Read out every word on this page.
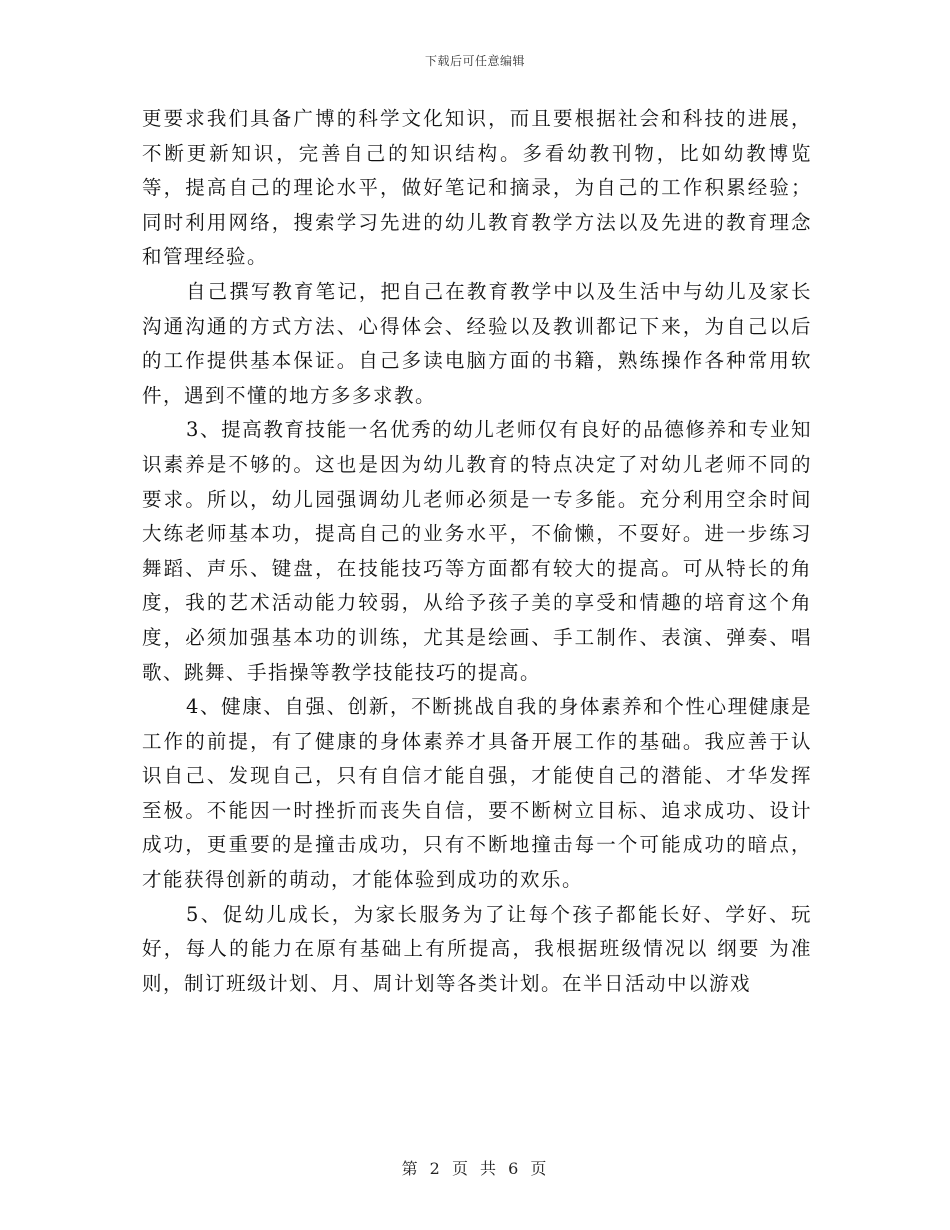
下载后可任意编辑

更要求我们具备广博的科学文化知识，而且要根据社会和科技的进展，不断更新知识，完善自己的知识结构。多看幼教刊物，比如幼教博览等，提高自己的理论水平，做好笔记和摘录，为自己的工作积累经验；同时利用网络，搜索学习先进的幼儿教育教学方法以及先进的教育理念和管理经验。

自己撰写教育笔记，把自己在教育教学中以及生活中与幼儿及家长沟通沟通的方式方法、心得体会、经验以及教训都记下来，为自己以后的工作提供基本保证。自己多读电脑方面的书籍，熟练操作各种常用软件，遇到不懂的地方多多求教。

3、提高教育技能一名优秀的幼儿老师仅有良好的品德修养和专业知识素养是不够的。这也是因为幼儿教育的特点决定了对幼儿老师不同的要求。所以，幼儿园强调幼儿老师必须是一专多能。充分利用空余时间大练老师基本功，提高自己的业务水平，不偷懒，不耍好。进一步练习舞蹈、声乐、键盘，在技能技巧等方面都有较大的提高。可从特长的角度，我的艺术活动能力较弱，从给予孩子美的享受和情趣的培育这个角度，必须加强基本功的训练，尤其是绘画、手工制作、表演、弹奏、唱歌、跳舞、手指操等教学技能技巧的提高。

4、健康、自强、创新，不断挑战自我的身体素养和个性心理健康是工作的前提，有了健康的身体素养才具备开展工作的基础。我应善于认识自己、发现自己，只有自信才能自强，才能使自己的潜能、才华发挥至极。不能因一时挫折而丧失自信，要不断树立目标、追求成功、设计成功，更重要的是撞击成功，只有不断地撞击每一个可能成功的暗点，才能获得创新的萌动，才能体验到成功的欢乐。

5、促幼儿成长，为家长服务为了让每个孩子都能长好、学好、玩好，每人的能力在原有基础上有所提高，我根据班级情况以 纲要 为准则，制订班级计划、月、周计划等各类计划。在半日活动中以游戏

第 2 页 共 6 页
